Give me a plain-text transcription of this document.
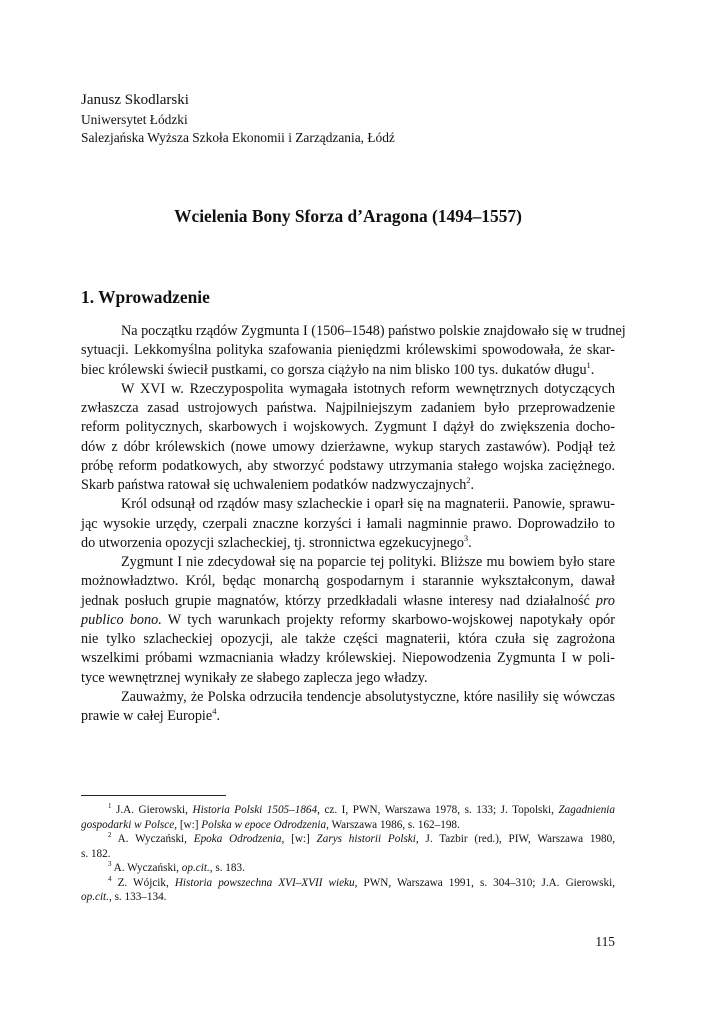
Janusz Skodlarski
Uniwersytet Łódzki
Salezjańska Wyższa Szkoła Ekonomii i Zarządzania, Łódź
Wcielenia Bony Sforza d’Aragona (1494–1557)
1. Wprowadzenie
Na początku rządów Zygmunta I (1506–1548) państwo polskie znajdowało się w trudnej
sytuacji. Lekkomyślna polityka szafowania pieniędzmi królewskimi spowodowała, że skar-
biec królewski świecił pustkami, co gorsza ciążyło na nim blisko 100 tys. dukatów długu$^1$.
W XVI w. Rzeczypospolita wymagała istotnych reform wewnętrznych dotyczących
zwłaszcza zasad ustrojowych państwa. Najpilniejszym zadaniem było przeprowadzenie
reform politycznych, skarbowych i wojskowych. Zygmunt I dążył do zwiększenia docho-
dów z dóbr królewskich (nowe umowy dzierżawne, wykup starych zastawów). Podjął też
próbę reform podatkowych, aby stworzyć podstawy utrzymania stałego wojska zaciężnego.
Skarb państwa ratował się uchwaleniem podatków nadzwyczajnych$^2$.
Król odsunął od rządów masy szlacheckie i oparł się na magnaterii. Panowie, sprawu-
jąc wysokie urzędy, czerpali znaczne korzyści i łamali nagminnie prawo. Doprowadziło to
do utworzenia opozycji szlacheckiej, tj. stronnictwa egzekucyjnego$^3$.
Zygmunt I nie zdecydował się na poparcie tej polityki. Bliższe mu bowiem było stare
możnowładztwo. Król, będąc monarchą gospodarnym i starannie wykształconym, dawał
jednak posłuch grupie magnatów, którzy przedkładali własne interesy nad działalność pro
publico bono. W tych warunkach projekty reformy skarbowo-wojskowej napotykały opór
nie tylko szlacheckiej opozycji, ale także części magnaterii, która czuła się zagrożona
wszelkimi próbami wzmacniania władzy królewskiej. Niepowodzenia Zygmunta I w poli-
tyce wewnętrznej wynikały ze słabego zaplecza jego władzy.
Zauważmy, że Polska odrzuciła tendencje absolutystyczne, które nasiliły się wówczas
prawie w całej Europie$^4$.
$^1$ J.A. Gierowski, Historia Polski 1505–1864, cz. I, PWN, Warszawa 1978, s. 133; J. Topolski, Zagadnienia
gospodarki w Polsce, [w:] Polska w epoce Odrodzenia, Warszawa 1986, s. 162–198.
$^2$ A. Wyczański, Epoka Odrodzenia, [w:] Zarys historii Polski, J. Tazbir (red.), PIW, Warszawa 1980,
s. 182.
$^3$ A. Wyczański, op.cit., s. 183.
$^4$ Z. Wójcik, Historia powszechna XVI–XVII wieku, PWN, Warszawa 1991, s. 304–310; J.A. Gierowski,
op.cit., s. 133–134.
115
